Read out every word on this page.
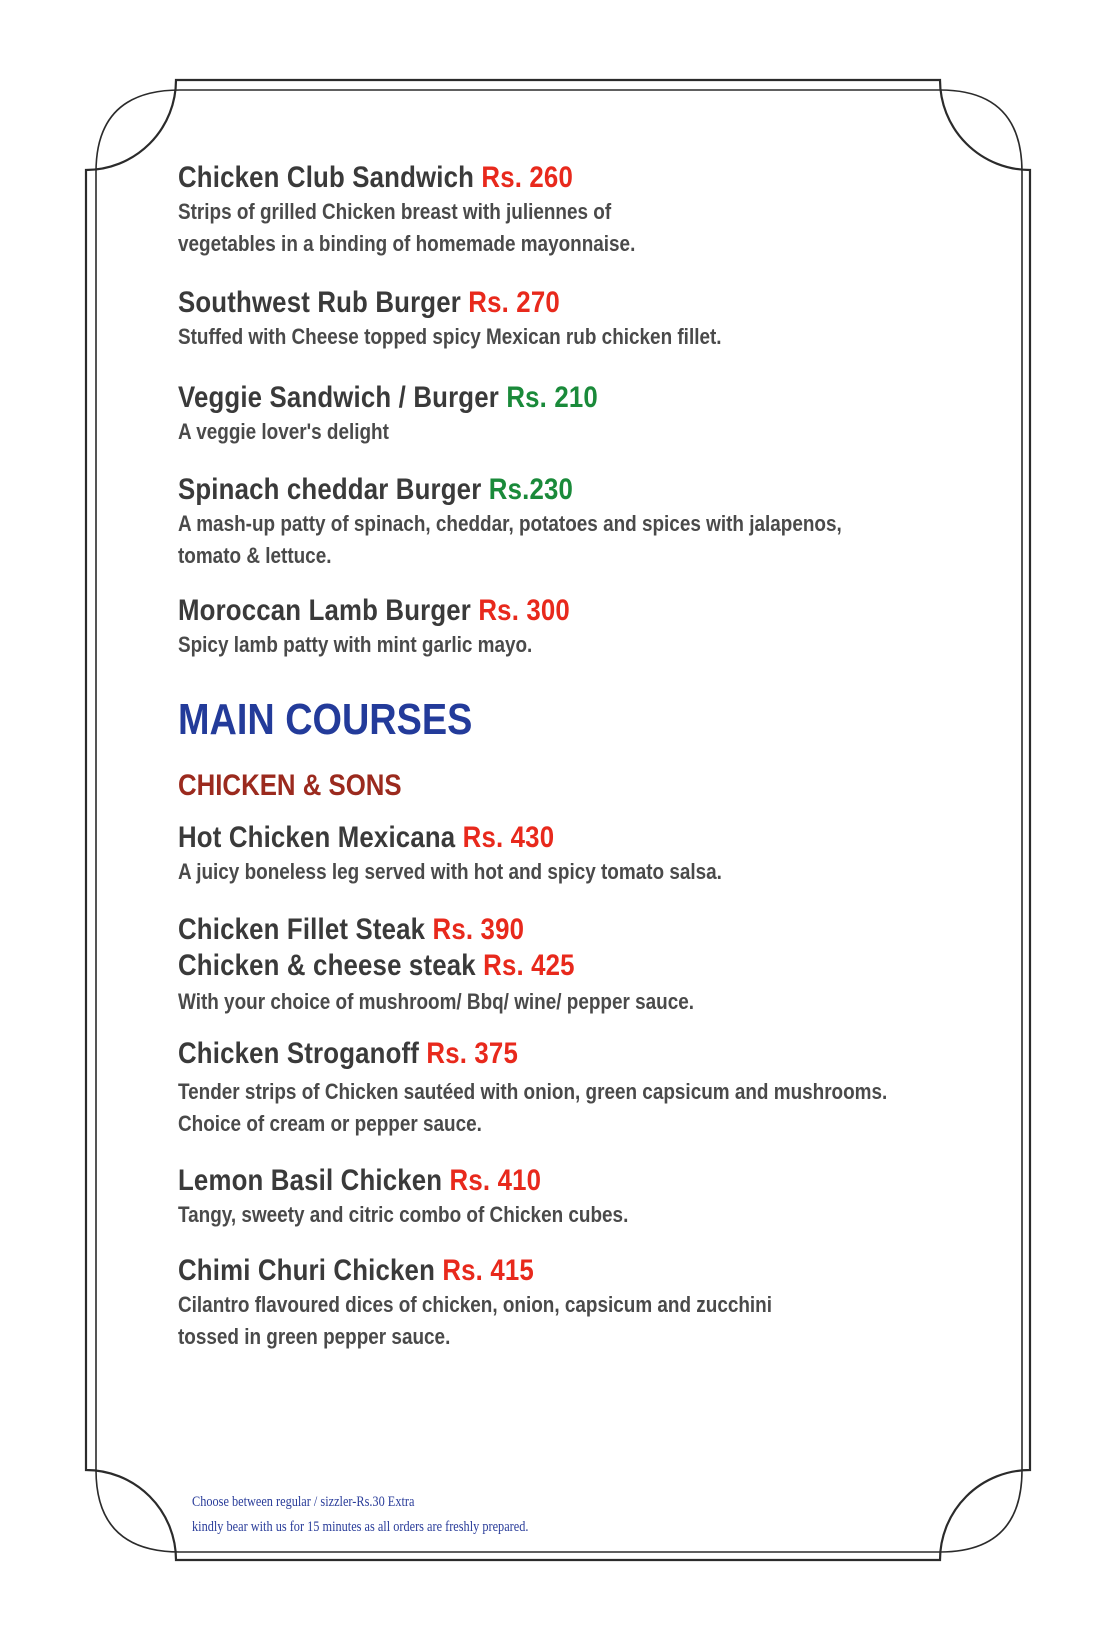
Chicken Club Sandwich Rs. 260
Strips of grilled Chicken breast with juliennes of
vegetables in a binding of homemade mayonnaise.
Southwest Rub Burger Rs. 270
Stuffed with Cheese topped spicy Mexican rub chicken fillet.
Veggie Sandwich / Burger Rs. 210
A veggie lover's delight
Spinach cheddar Burger Rs.230
A mash-up patty of spinach, cheddar, potatoes and spices with jalapenos,
tomato & lettuce.
Moroccan Lamb Burger Rs. 300
Spicy lamb patty with mint garlic mayo.
MAIN COURSES
CHICKEN & SONS
Hot Chicken Mexicana Rs. 430
A juicy boneless leg served with hot and spicy tomato salsa.
Chicken Fillet Steak Rs. 390
Chicken & cheese steak Rs. 425
With your choice of mushroom/ Bbq/ wine/ pepper sauce.
Chicken Stroganoff Rs. 375
Tender strips of Chicken sautéed with onion, green capsicum and mushrooms.
Choice of cream or pepper sauce.
Lemon Basil Chicken Rs. 410
Tangy, sweety and citric combo of Chicken cubes.
Chimi Churi Chicken Rs. 415
Cilantro flavoured dices of chicken, onion, capsicum and zucchini
tossed in green pepper sauce.
Choose between regular / sizzler-Rs.30 Extra
kindly bear with us for 15 minutes as all orders are freshly prepared.
